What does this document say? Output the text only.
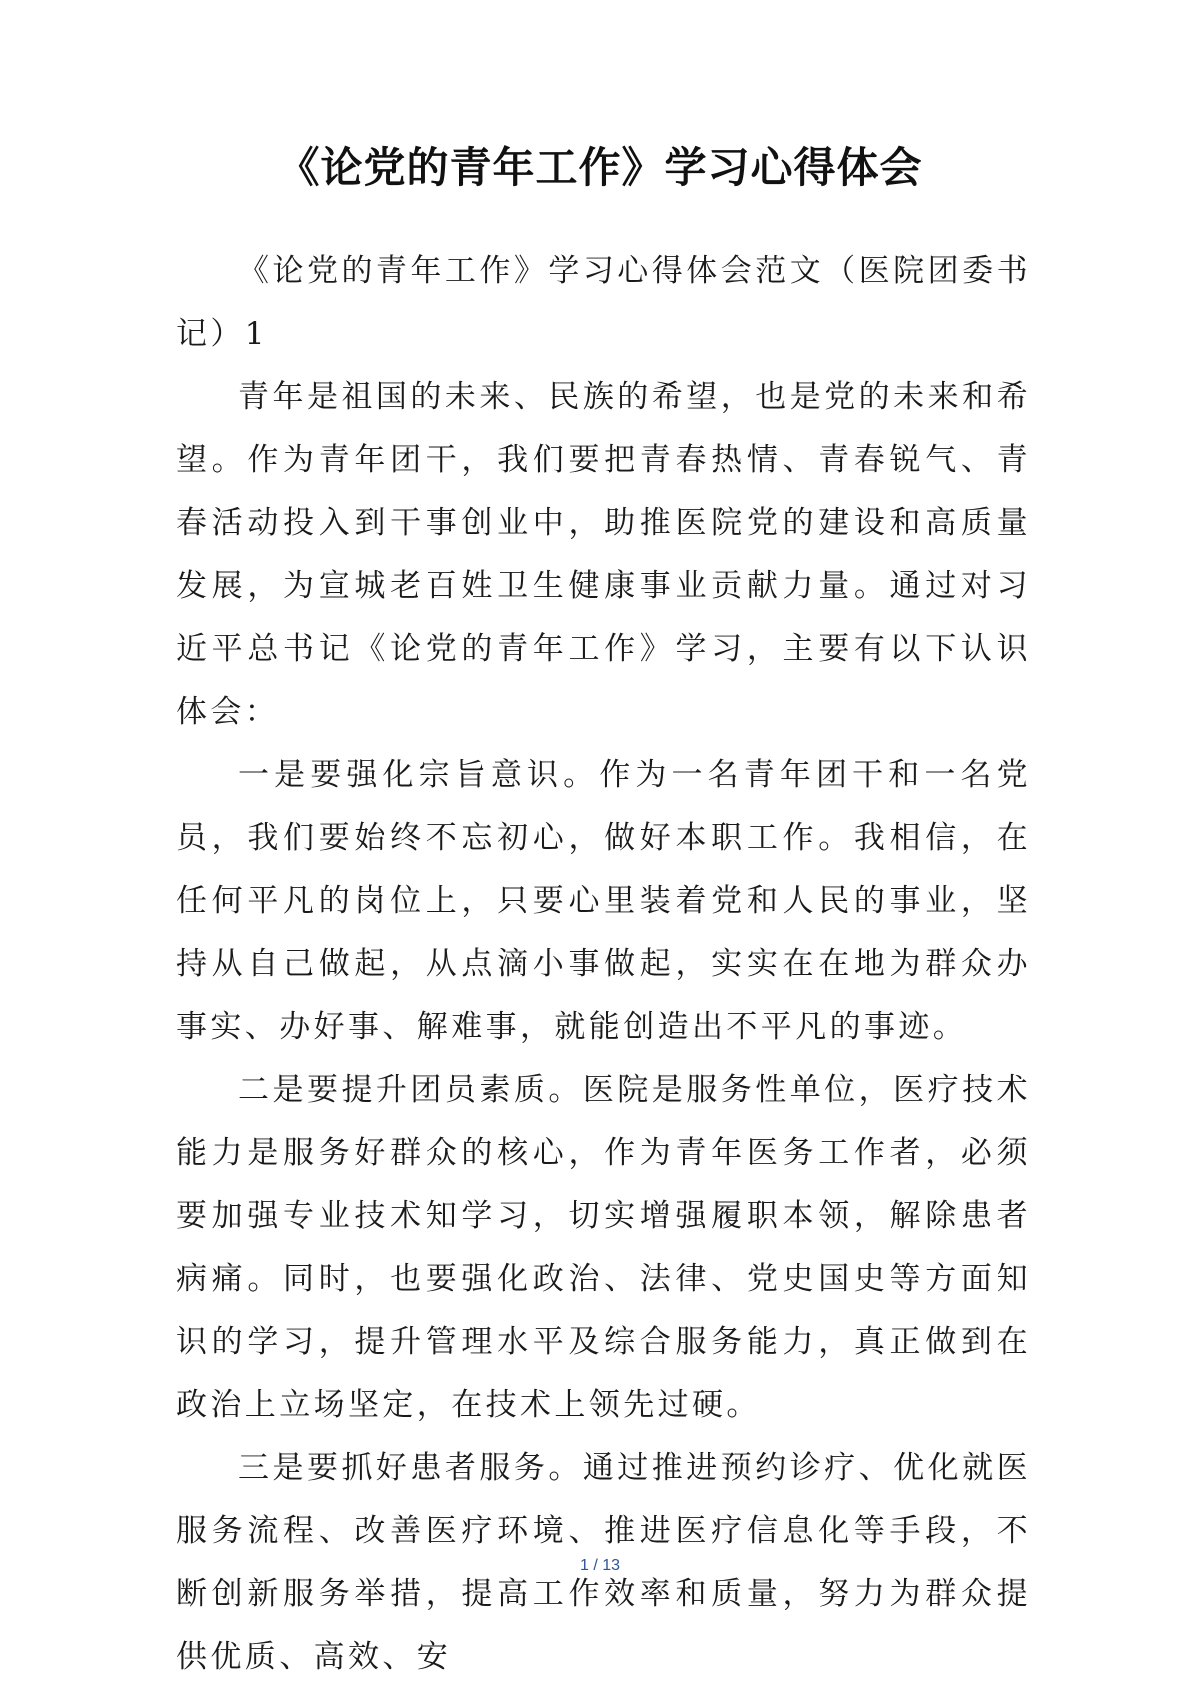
《论党的青年工作》学习心得体会

《论党的青年工作》学习心得体会范文（医院团委书记）1

青年是祖国的未来、民族的希望，也是党的未来和希望。作为青年团干，我们要把青春热情、青春锐气、青春活动投入到干事创业中，助推医院党的建设和高质量发展，为宣城老百姓卫生健康事业贡献力量。通过对习近平总书记《论党的青年工作》学习，主要有以下认识体会：

一是要强化宗旨意识。作为一名青年团干和一名党员，我们要始终不忘初心，做好本职工作。我相信，在任何平凡的岗位上，只要心里装着党和人民的事业，坚持从自己做起，从点滴小事做起，实实在在地为群众办事实、办好事、解难事，就能创造出不平凡的事迹。

二是要提升团员素质。医院是服务性单位，医疗技术能力是服务好群众的核心，作为青年医务工作者，必须要加强专业技术知学习，切实增强履职本领，解除患者病痛。同时，也要强化政治、法律、党史国史等方面知识的学习，提升管理水平及综合服务能力，真正做到在政治上立场坚定，在技术上领先过硬。

三是要抓好患者服务。通过推进预约诊疗、优化就医服务流程、改善医疗环境、推进医疗信息化等手段，不断创新服务举措，提高工作效率和质量，努力为群众提供优质、高效、安

1 / 13
